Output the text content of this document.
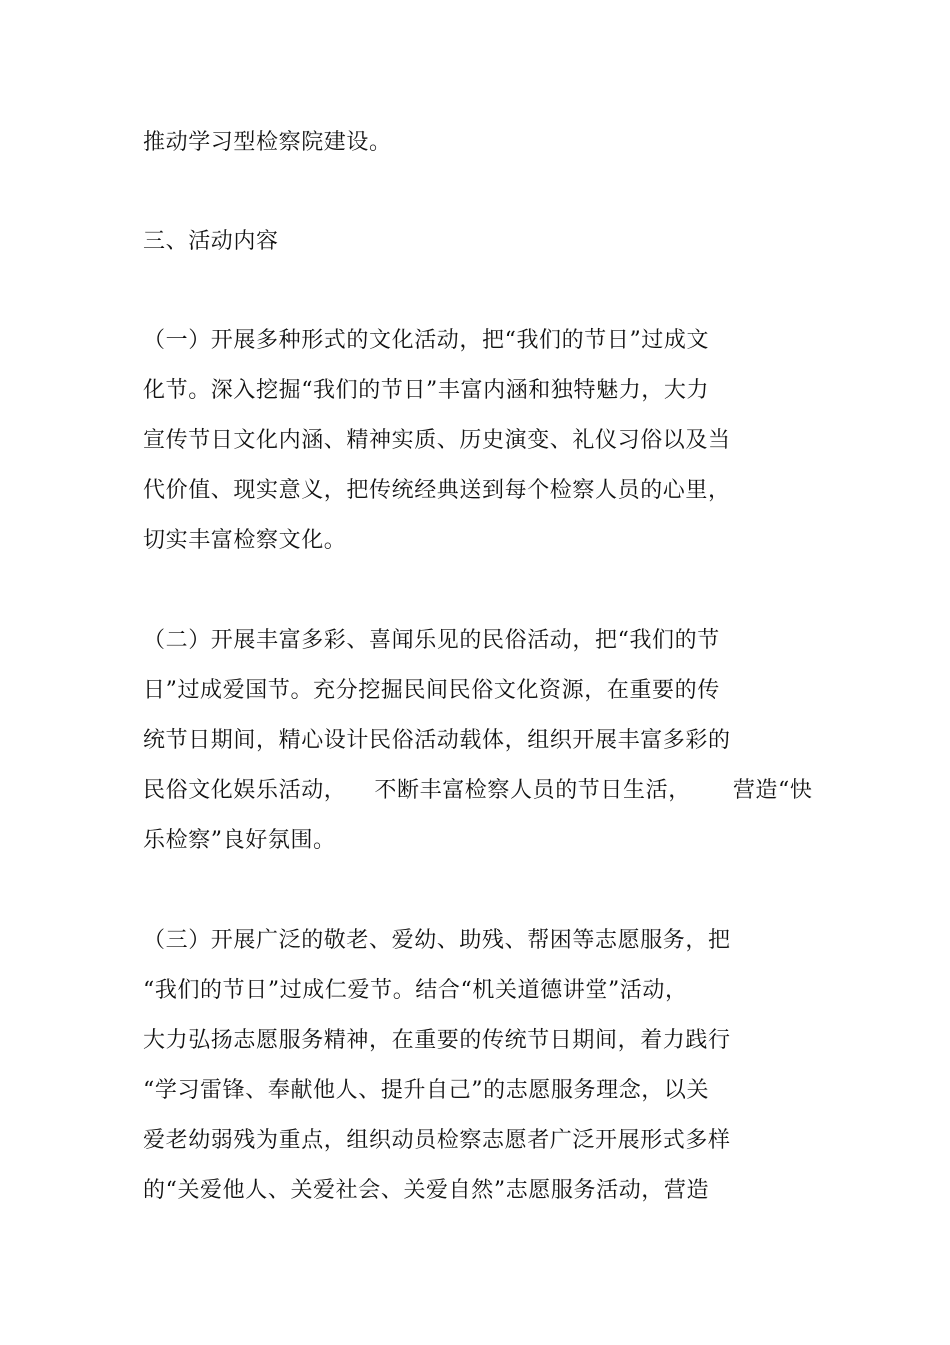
推动学习型检察院建设。

三、活动内容

（一）开展多种形式的文化活动，把“我们的节日”过成文

化节。深入挖掘“我们的节日”丰富内涵和独特魅力，大力

宣传节日文化内涵、精神实质、历史演变、礼仪习俗以及当

代价值、现实意义，把传统经典送到每个检察人员的心里，

切实丰富检察文化。

（二）开展丰富多彩、喜闻乐见的民俗活动，把“我们的节

日”过成爱国节。充分挖掘民间民俗文化资源，在重要的传

统节日期间，精心设计民俗活动载体，组织开展丰富多彩的

民俗文化娱乐活动， 不断丰富检察人员的节日生活， 营造“快

乐检察”良好氛围。

（三）开展广泛的敬老、爱幼、助残、帮困等志愿服务，把

“我们的节日”过成仁爱节。结合“机关道德讲堂”活动，

大力弘扬志愿服务精神，在重要的传统节日期间，着力践行

“学习雷锋、奉献他人、提升自己”的志愿服务理念，以关

爱老幼弱残为重点，组织动员检察志愿者广泛开展形式多样

的“关爱他人、关爱社会、关爱自然”志愿服务活动，营造
